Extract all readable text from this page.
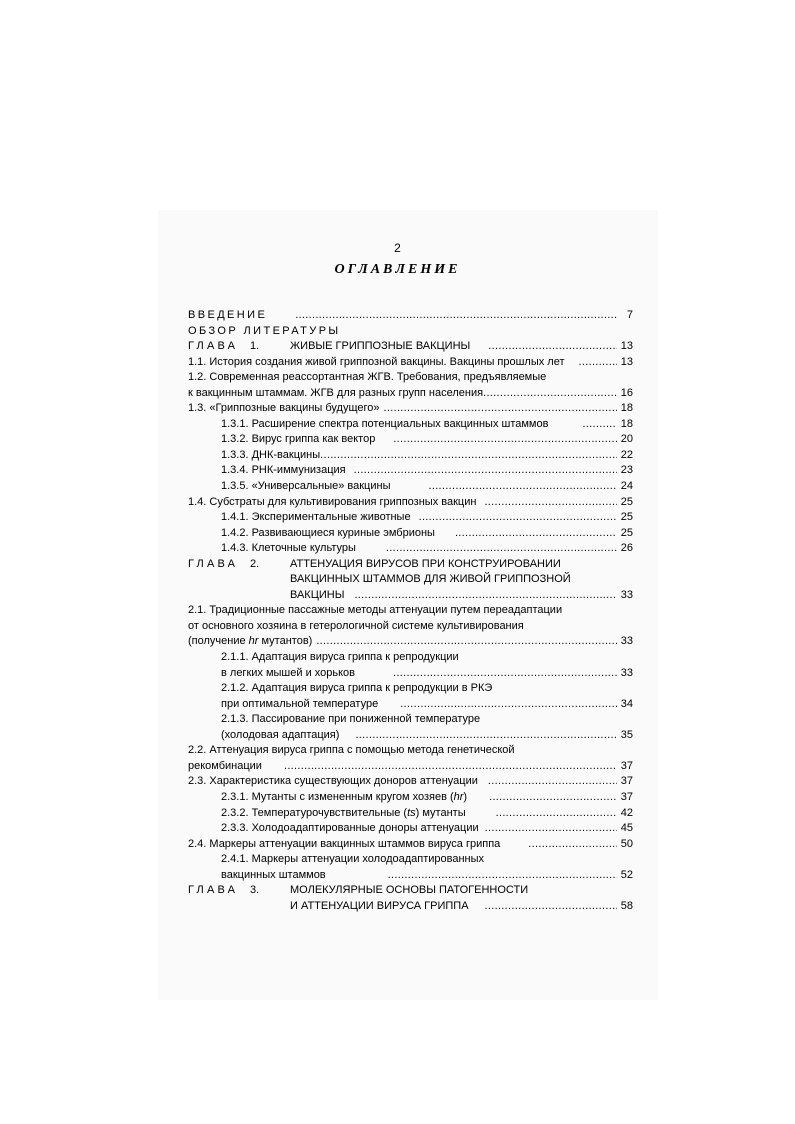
2
ОГЛАВЛЕНИЕ
ВВЕДЕНИЕ .....	7
ОБЗОР ЛИТЕРАТУРЫ
ГЛАВА	1.	ЖИВЫЕ ГРИППОЗНЫЕ ВАКЦИНЫ .....	13
1.1. История создания живой гриппозной вакцины. Вакцины прошлых лет .....	13
1.2. Современная реассортантная ЖГВ. Требования, предъявляемые
к вакцинным штаммам. ЖГВ для разных групп населения .....	16
1.3. «Гриппозные вакцины будущего» .....	18
1.3.1. Расширение спектра потенциальных вакцинных штаммов .....	18
1.3.2. Вирус гриппа как вектор .....	20
1.3.3. ДНК-вакцины .....	22
1.3.4. РНК-иммунизация .....	23
1.3.5. «Универсальные» вакцины .....	24
1.4. Субстраты для культивирования гриппозных вакцин .....	25
1.4.1. Экспериментальные животные .....	25
1.4.2. Развивающиеся куриные эмбрионы .....	25
1.4.3. Клеточные культуры .....	26
ГЛАВА	2.	АТТЕНУАЦИЯ ВИРУСОВ ПРИ КОНСТРУИРОВАНИИ
ВАКЦИННЫХ ШТАММОВ ДЛЯ ЖИВОЙ ГРИППОЗНОЙ
ВАКЦИНЫ .....	33
2.1. Традиционные пассажные методы аттенуации путем переадаптации
от основного хозяина в гетерологичной системе культивирования
(получение hr мутантов) .....	33
2.1.1. Адаптация вируса гриппа к репродукции
в легких мышей и хорьков .....	33
2.1.2. Адаптация вируса гриппа к репродукции в РКЭ
при оптимальной температуре .....	34
2.1.3. Пассирование при пониженной температуре
(холодовая адаптация) .....	35
2.2. Аттенуация вируса гриппа с помощью метода генетической
рекомбинации .....	37
2.3. Характеристика существующих доноров аттенуации .....	37
2.3.1. Мутанты с измененным кругом хозяев (hr) .....	37
2.3.2. Температурочувствительные (ts) мутанты .....	42
2.3.3. Холодоадаптированные доноры аттенуации .....	45
2.4. Маркеры аттенуации вакцинных штаммов вируса гриппа .....	50
2.4.1. Маркеры аттенуации холодоадаптированных
вакцинных штаммов .....	52
ГЛАВА	3.	МОЛЕКУЛЯРНЫЕ ОСНОВЫ ПАТОГЕННОСТИ
И АТТЕНУАЦИИ ВИРУСА ГРИППА .....	58
